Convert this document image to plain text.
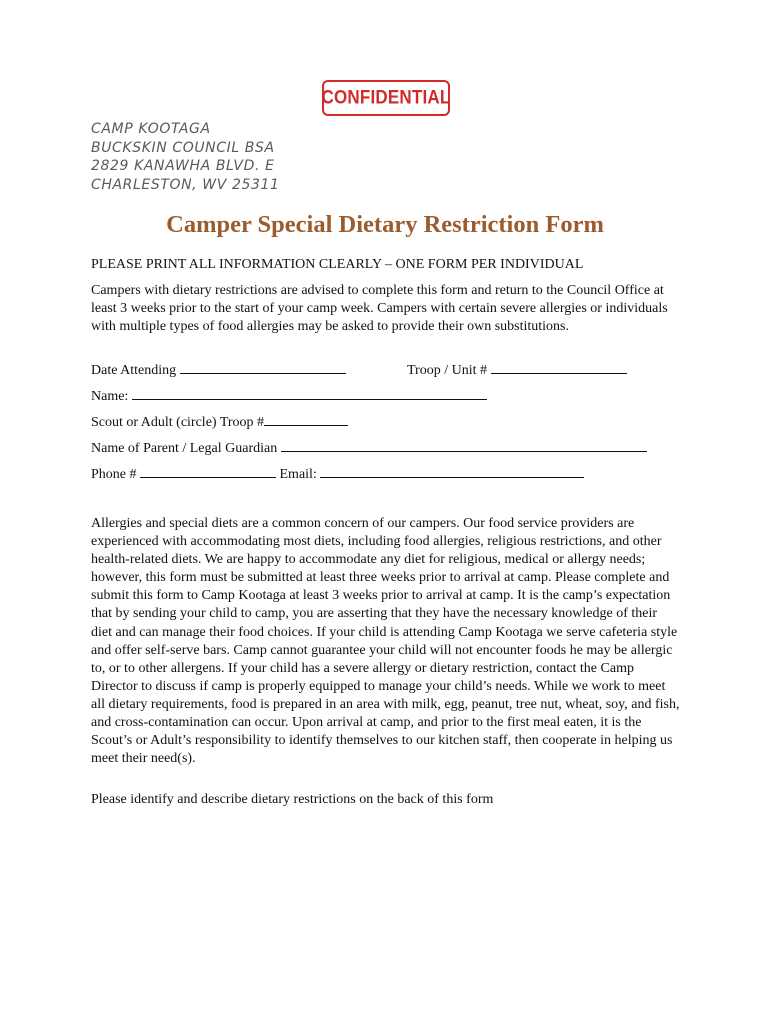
CONFIDENTIAL
CAMP KOOTAGA
BUCKSKIN COUNCIL BSA
2829 KANAWHA BLVD. E
CHARLESTON, WV 25311
Camper Special Dietary Restriction Form
PLEASE PRINT ALL INFORMATION CLEARLY – ONE FORM PER INDIVIDUAL
Campers with dietary restrictions are advised to complete this form and return to the Council Office at least 3 weeks prior to the start of your camp week. Campers with certain severe allergies or individuals with multiple types of food allergies may be asked to provide their own substitutions.
Date Attending	Troop / Unit #
Name:
Scout or Adult (circle) Troop #
Name of Parent / Legal Guardian
Phone #	Email:
Allergies and special diets are a common concern of our campers. Our food service providers are experienced with accommodating most diets, including food allergies, religious restrictions, and other health-related diets. We are happy to accommodate any diet for religious, medical or allergy needs; however, this form must be submitted at least three weeks prior to arrival at camp. Please complete and submit this form to Camp Kootaga at least 3 weeks prior to arrival at camp. It is the camp’s expectation that by sending your child to camp, you are asserting that they have the necessary knowledge of their diet and can manage their food choices. If your child is attending Camp Kootaga we serve cafeteria style and offer self-serve bars. Camp cannot guarantee your child will not encounter foods he may be allergic to, or to other allergens. If your child has a severe allergy or dietary restriction, contact the Camp Director to discuss if camp is properly equipped to manage your child’s needs. While we work to meet all dietary requirements, food is prepared in an area with milk, egg, peanut, tree nut, wheat, soy, and fish, and cross-contamination can occur. Upon arrival at camp, and prior to the first meal eaten, it is the Scout’s or Adult’s responsibility to identify themselves to our kitchen staff, then cooperate in helping us meet their need(s).
Please identify and describe dietary restrictions on the back of this form
